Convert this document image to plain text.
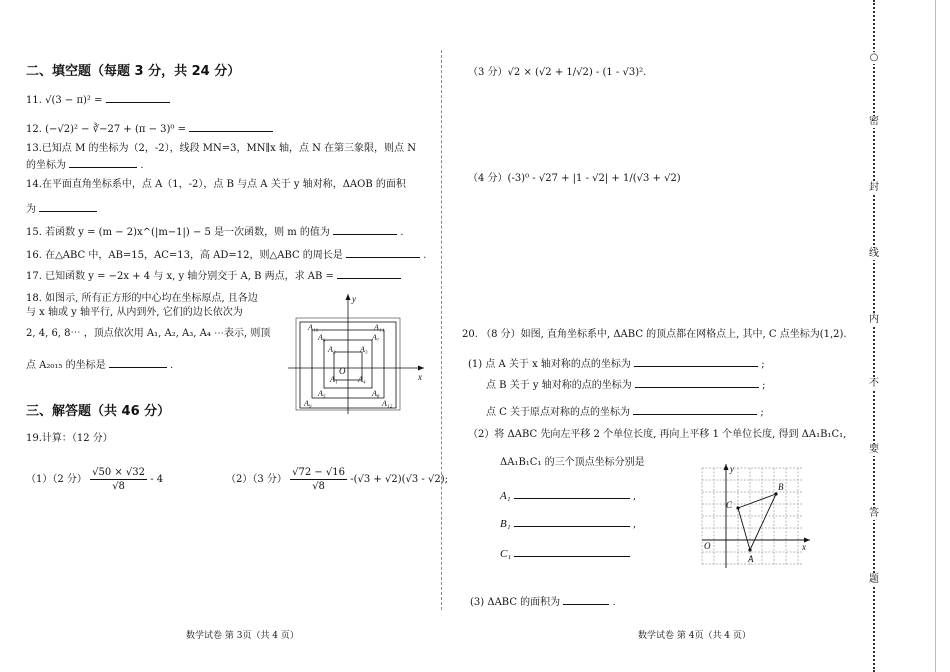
二、填空题（每题 3 分，共 24 分）
11. √(3 − π)² =
12. (−√2)² − ∛−27 + (π − 3)⁰ =
13.已知点 M 的坐标为（2，-2），线段 MN=3，MN∥x 轴，点 N 在第三象限，则点 N
的坐标为	.
14.在平面直角坐标系中，点 A（1，-2），点 B 与点 A 关于 y 轴对称，ΔAOB 的面积
为
15. 若函数 y = (m − 2)x^(|m−1|) − 5 是一次函数，则 m 的值为	.
16. 在△ABC 中，AB=15，AC=13，高 AD=12，则△ABC 的周长是	.
17. 已知函数 y = −2x + 4 与 x, y 轴分别交于 A, B 两点，求 AB =
18. 如图示, 所有正方形的中心均在坐标原点, 且各边
与 x 轴或 y 轴平行, 从内到外, 它们的边长依次为
2, 4, 6, 8⋯ ，顶点依次用 A₁, A₂, A₃, A₄ ⋯表示, 则顶
点 A₂₀₁₅ 的坐标是	.
A₁₀	A₁₁
A₆	A₇
A₂	A₃
O
A₁	A₄
A₅	A₈
A₉	A₁₂
y
x
三、解答题（共 46 分）
19.计算：（12 分）
（1）（2 分） $\frac{√50 \times √32}{√8} - 4$	（2）（3 分） $\frac{√72 - √16}{√8} -(√3 + √2)(√3 - √2)$;
数学试卷 第 3页（共 4 页）
（3 分）√2 × (√2 + 1/√2) - (1 - √3)².
（4 分）(-3)⁰ - √27 + |1 - √2| + 1/(√3 + √2)
20. （8 分）如图, 直角坐标系中, ΔABC 的顶点都在网格点上, 其中, C 点坐标为(1,2).
(1) 点 A 关于 x 轴对称的点的坐标为	;
点 B 关于 y 轴对称的点的坐标为	;
点 C 关于原点对称的点的坐标为	;
（2）将 ΔABC 先向左平移 2 个单位长度, 再向上平移 1 个单位长度, 得到 ΔA₁B₁C₁,
ΔA₁B₁C₁ 的三个顶点坐标分别是
A₁	,
B₁	,
C₁
y
x
O
C
B
A
(3) ΔABC 的面积为	.
数学试卷 第 4页（共 4 页）
○
密
封
线
内
不
要
答
题
